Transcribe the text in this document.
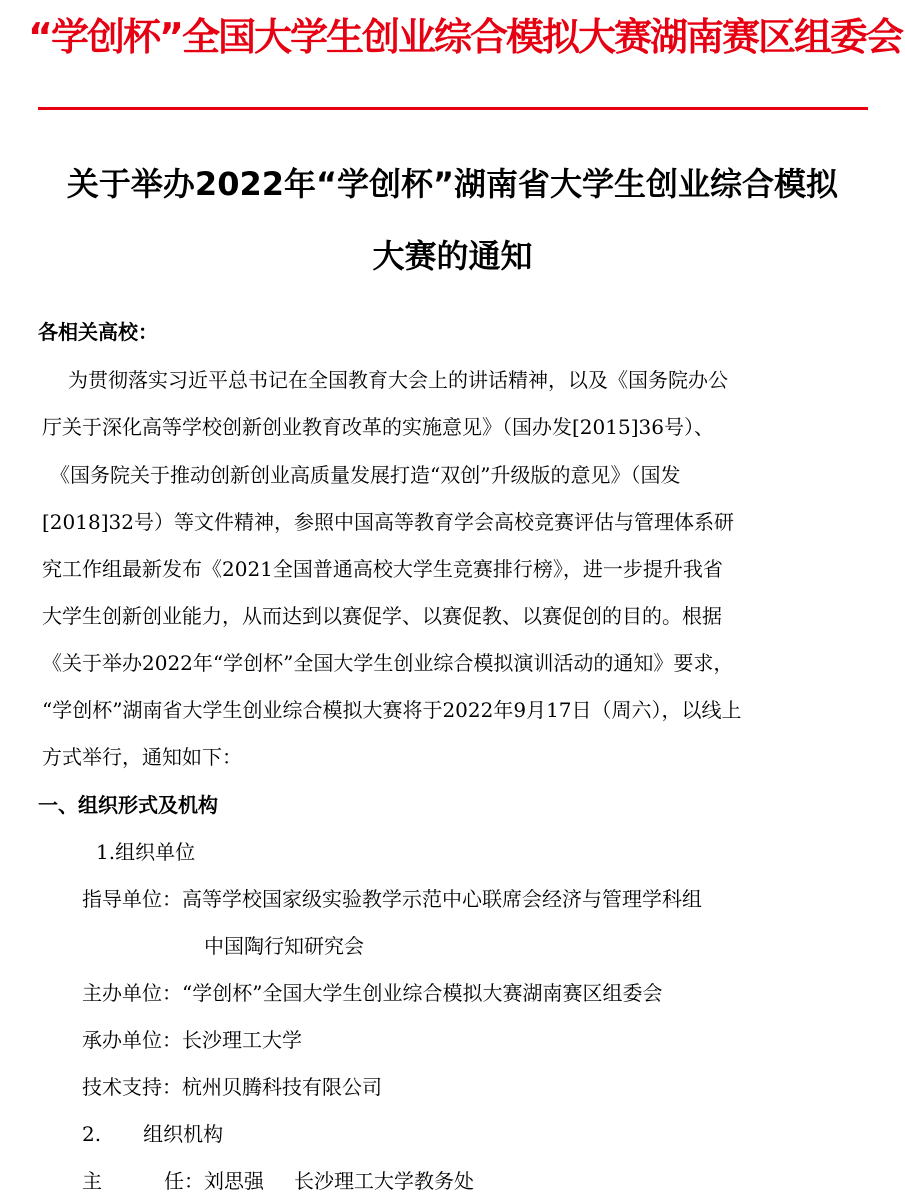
“学创杯”全国大学生创业综合模拟大赛湖南赛区组委会
关于举办2022年“学创杯”湖南省大学生创业综合模拟
大赛的通知
各相关高校：
为贯彻落实习近平总书记在全国教育大会上的讲话精神，以及《国务院办公
厅关于深化高等学校创新创业教育改革的实施意见》（国办发[2015]36号）、
《国务院关于推动创新创业高质量发展打造“双创”升级版的意见》（国发
[2018]32号）等文件精神，参照中国高等教育学会高校竞赛评估与管理体系研
究工作组最新发布《2021全国普通高校大学生竞赛排行榜》，进一步提升我省
大学生创新创业能力，从而达到以赛促学、以赛促教、以赛促创的目的。根据
《关于举办2022年“学创杯”全国大学生创业综合模拟演训活动的通知》要求，
“学创杯”湖南省大学生创业综合模拟大赛将于2022年9月17日（周六），以线上
方式举行，通知如下：
一、组织形式及机构
1.组织单位
指导单位：高等学校国家级实验教学示范中心联席会经济与管理学科组
中国陶行知研究会
主办单位：“学创杯”全国大学生创业综合模拟大赛湖南赛区组委会
承办单位：长沙理工大学
技术支持：杭州贝腾科技有限公司
2. 组织机构
主	任：刘思强 长沙理工大学教务处
